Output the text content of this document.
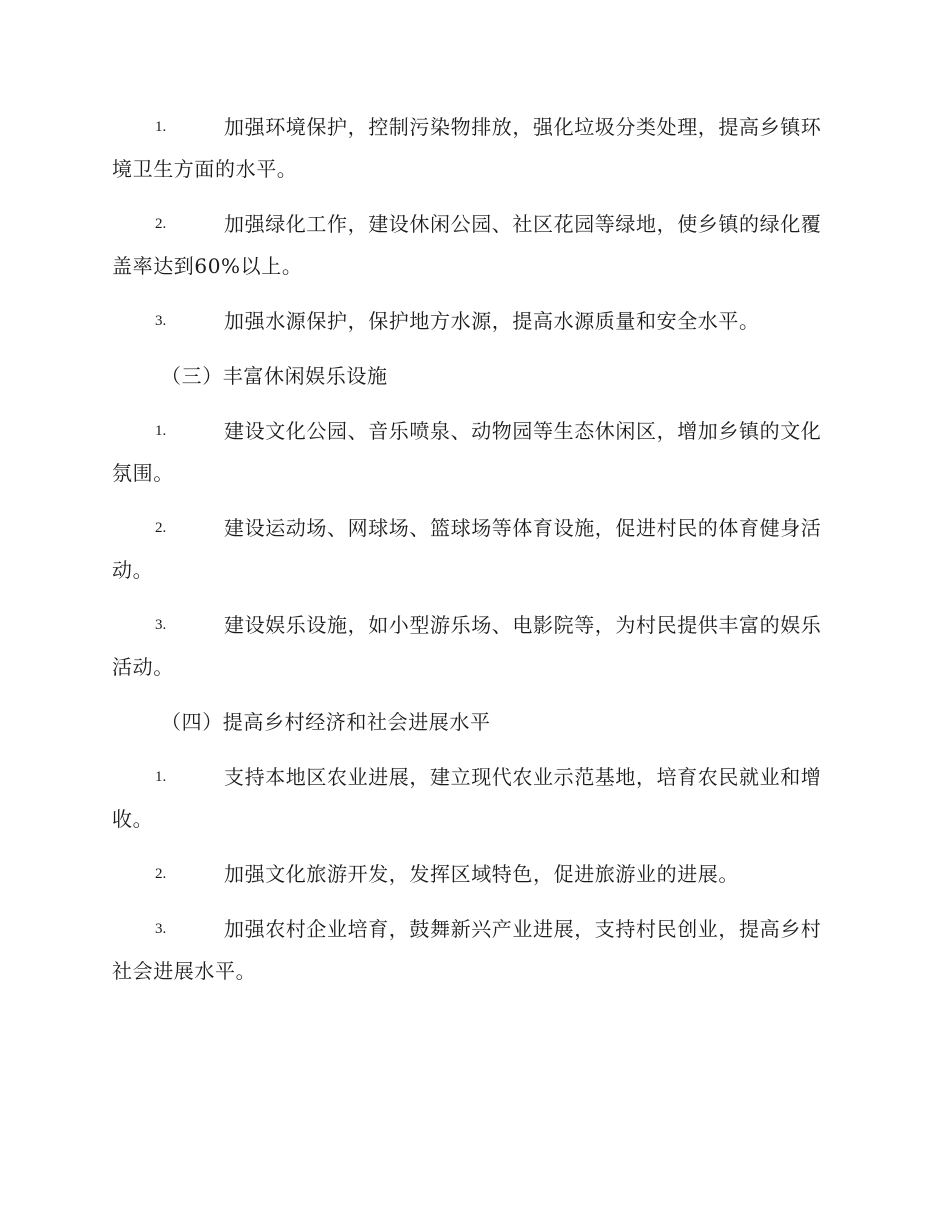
1.	加强环境保护，控制污染物排放，强化垃圾分类处理，提高乡镇环境卫生方面的水平。
2.	加强绿化工作，建设休闲公园、社区花园等绿地，使乡镇的绿化覆盖率达到60%以上。
3.	加强水源保护，保护地方水源，提高水源质量和安全水平。
（三）丰富休闲娱乐设施
1.	建设文化公园、音乐喷泉、动物园等生态休闲区，增加乡镇的文化氛围。
2.	建设运动场、网球场、篮球场等体育设施，促进村民的体育健身活动。
3.	建设娱乐设施，如小型游乐场、电影院等，为村民提供丰富的娱乐活动。
（四）提高乡村经济和社会进展水平
1.	支持本地区农业进展，建立现代农业示范基地，培育农民就业和增收。
2.	加强文化旅游开发，发挥区域特色，促进旅游业的进展。
3.	加强农村企业培育，鼓舞新兴产业进展，支持村民创业，提高乡村社会进展水平。
